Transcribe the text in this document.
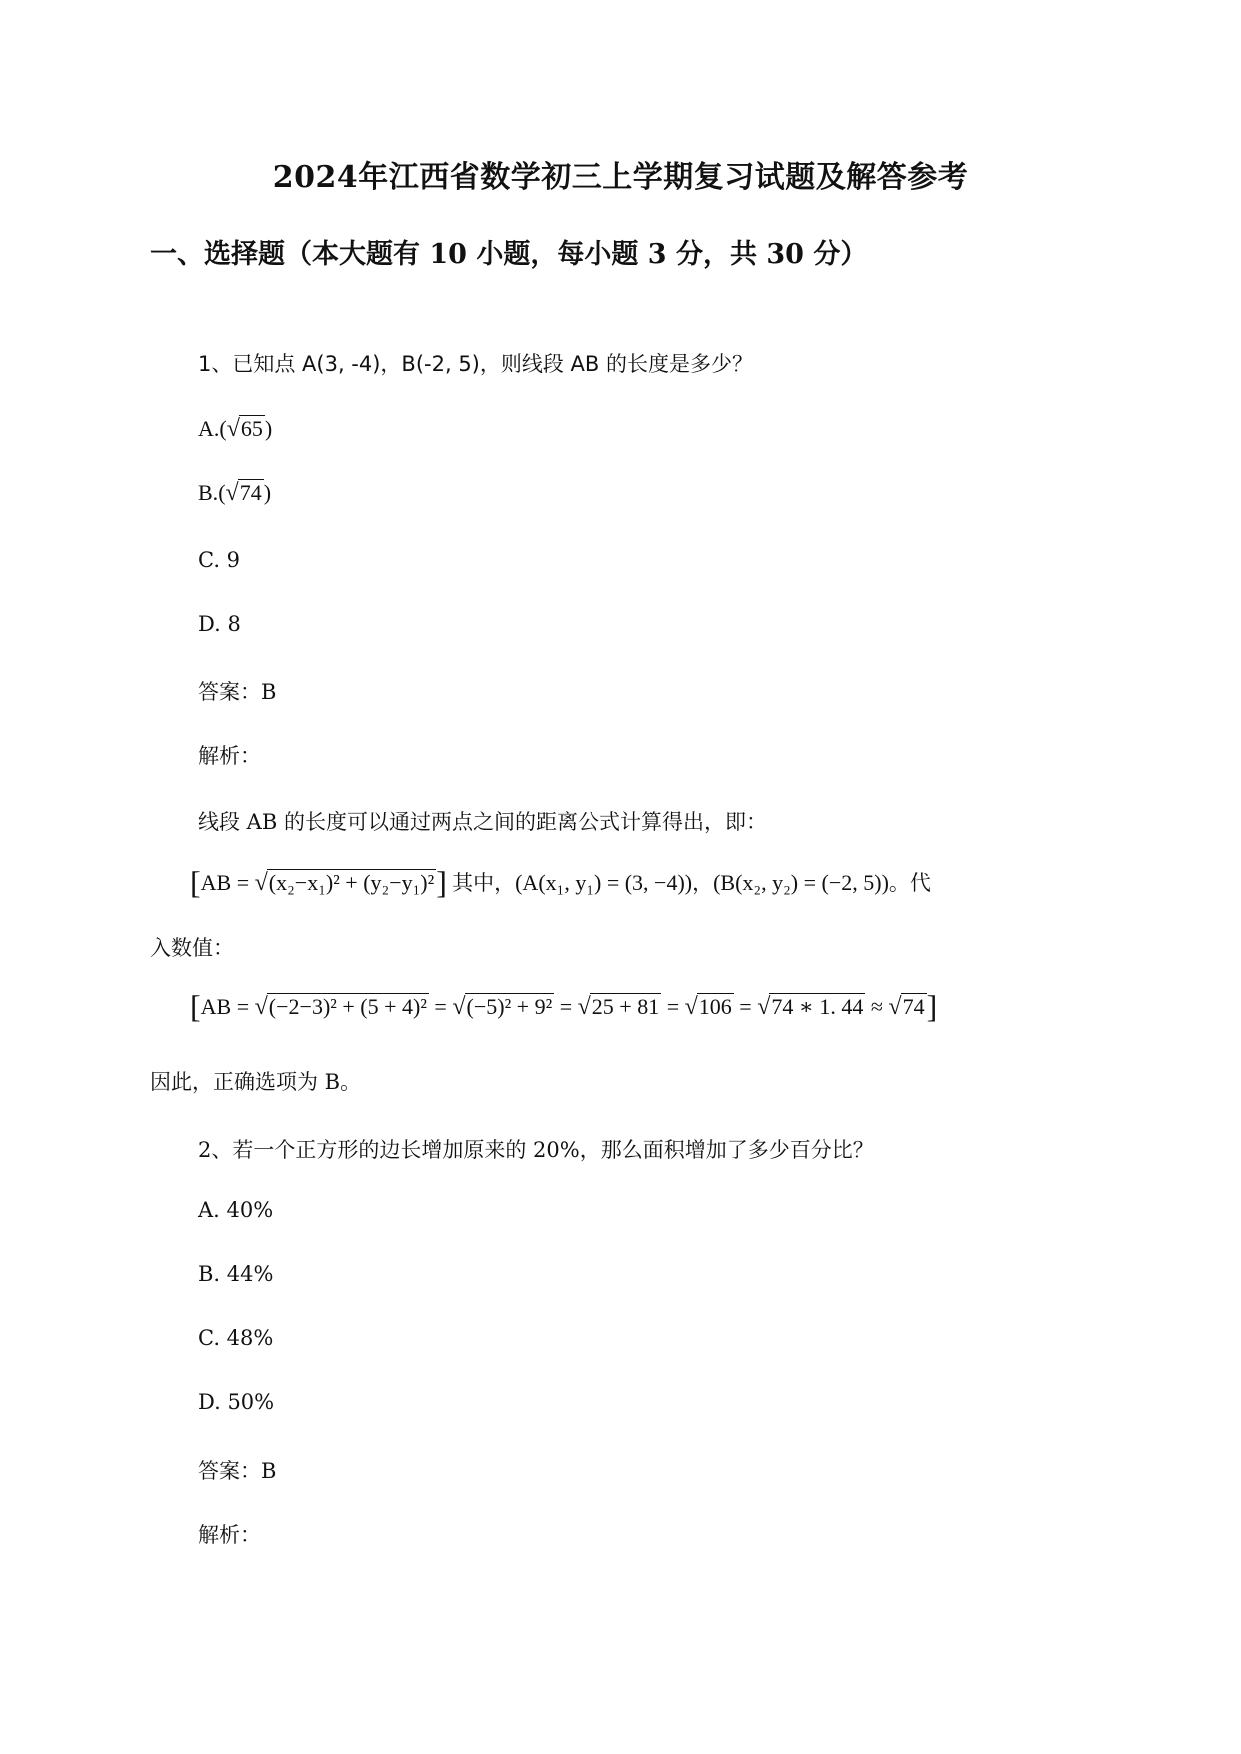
2024年江西省数学初三上学期复习试题及解答参考
一、选择题（本大题有 10 小题，每小题 3 分，共 30 分）
1、已知点 A(3, -4)，B(-2, 5)，则线段 AB 的长度是多少？
A.(√65)
B.(√74)
C. 9
D. 8
答案：B
解析：
线段 AB 的长度可以通过两点之间的距离公式计算得出，即：
[AB = √(x₂−x₁)² + (y₂−y₁)²] 其中，(A(x₁, y₁) = (3, −4))，(B(x₂, y₂) = (−2, 5))。代
入数值：
[AB = √(−2−3)² + (5 + 4)² = √(−5)² + 9² = √25 + 81 = √106 = √74 ∗ 1. 44 ≈ √74]
因此，正确选项为 B。
2、若一个正方形的边长增加原来的 20%，那么面积增加了多少百分比？
A. 40%
B. 44%
C. 48%
D. 50%
答案：B
解析：
